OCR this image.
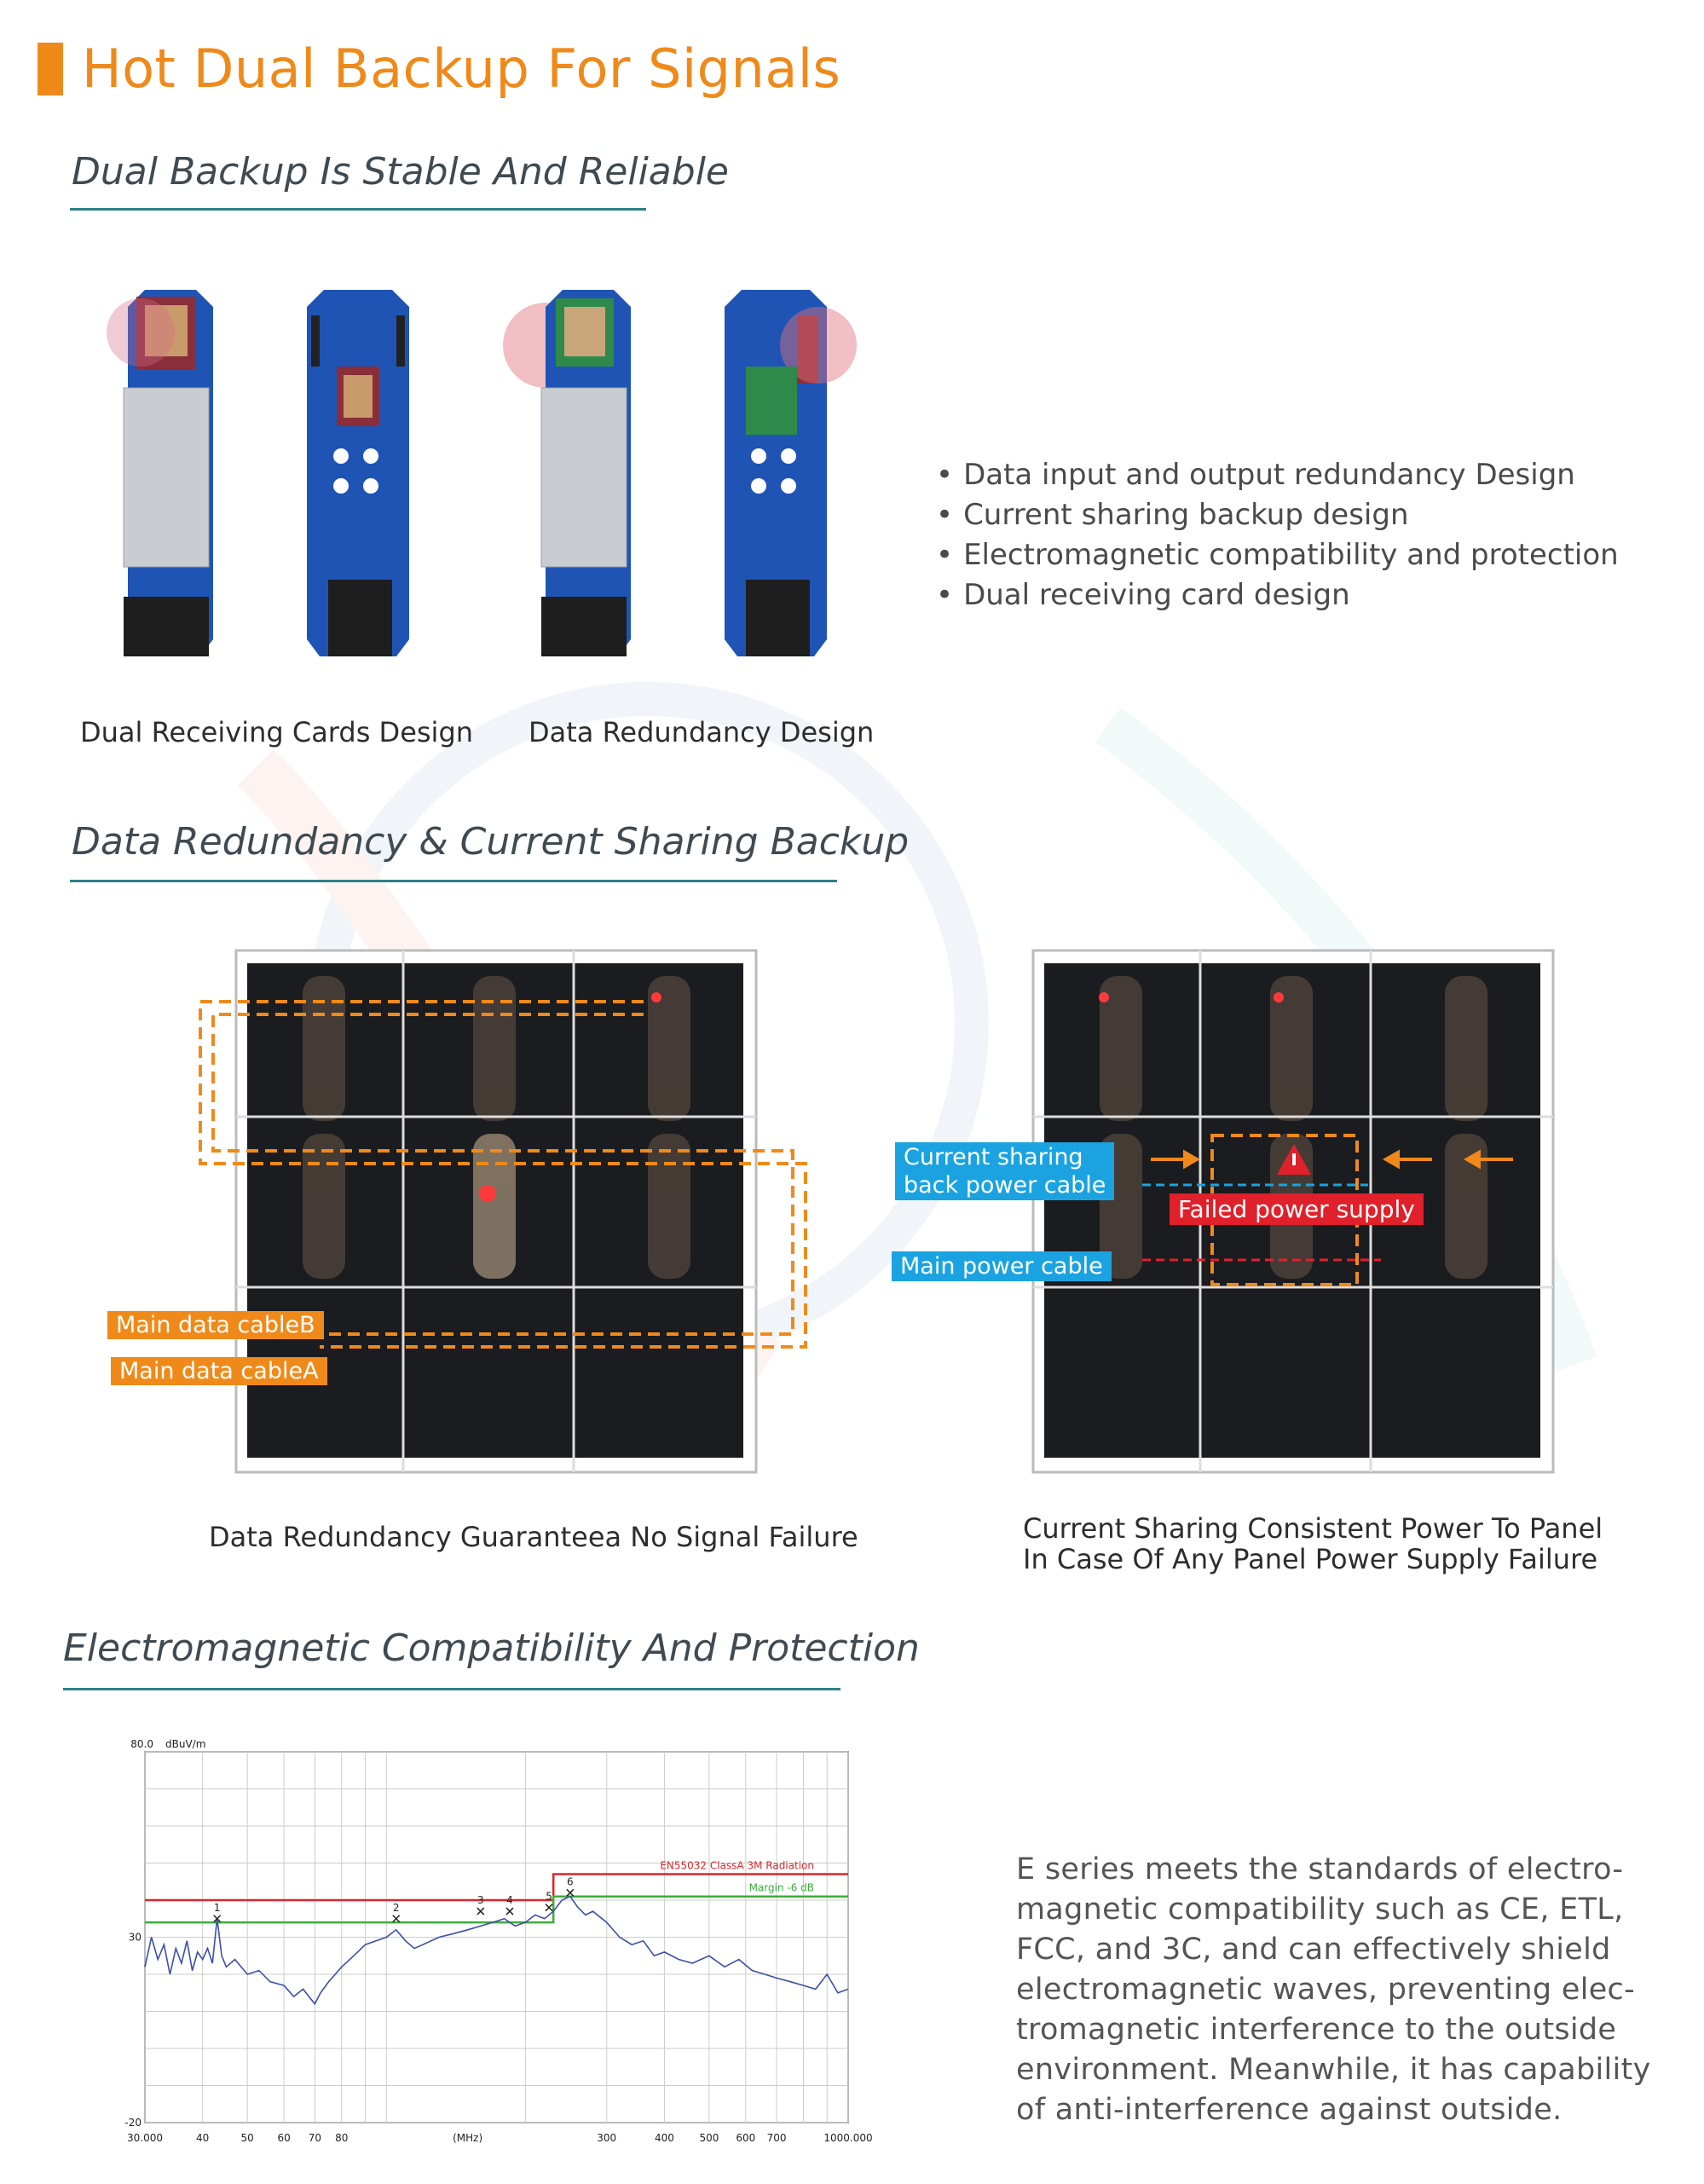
Hot Dual Backup For Signals
Dual Backup Is Stable And Reliable
Dual Receiving Cards Design Data Redundancy Design
• Data input and output redundancy Design
• Current sharing backup design
• Electromagnetic compatibility and protection
• Dual receiving card design
Data Redundancy & Current Sharing Backup
Main data cableB
Main data cableA
Current sharing
back power cable
Failed power supply
Main power cable
Data Redundancy Guaranteea No Signal Failure	Current Sharing Consistent Power To Panel
In Case Of Any Panel Power Supply Failure
Electromagnetic Compatibility And Protection
EN55032 ClassA 3M Radiation
Margin -6 dB
1	2
3 4	5
6
80.0
30
-20
30.000	40	50 60 70 80	(MHz)	300	400 500 600 700	1000.000
dBuV/m
E series meets the standards of electro-
magnetic compatibility such as CE, ETL,
FCC, and 3C, and can effectively shield
electromagnetic waves, preventing elec-
tromagnetic interference to the outside
environment. Meanwhile, it has capability
of anti-interference against outside.
